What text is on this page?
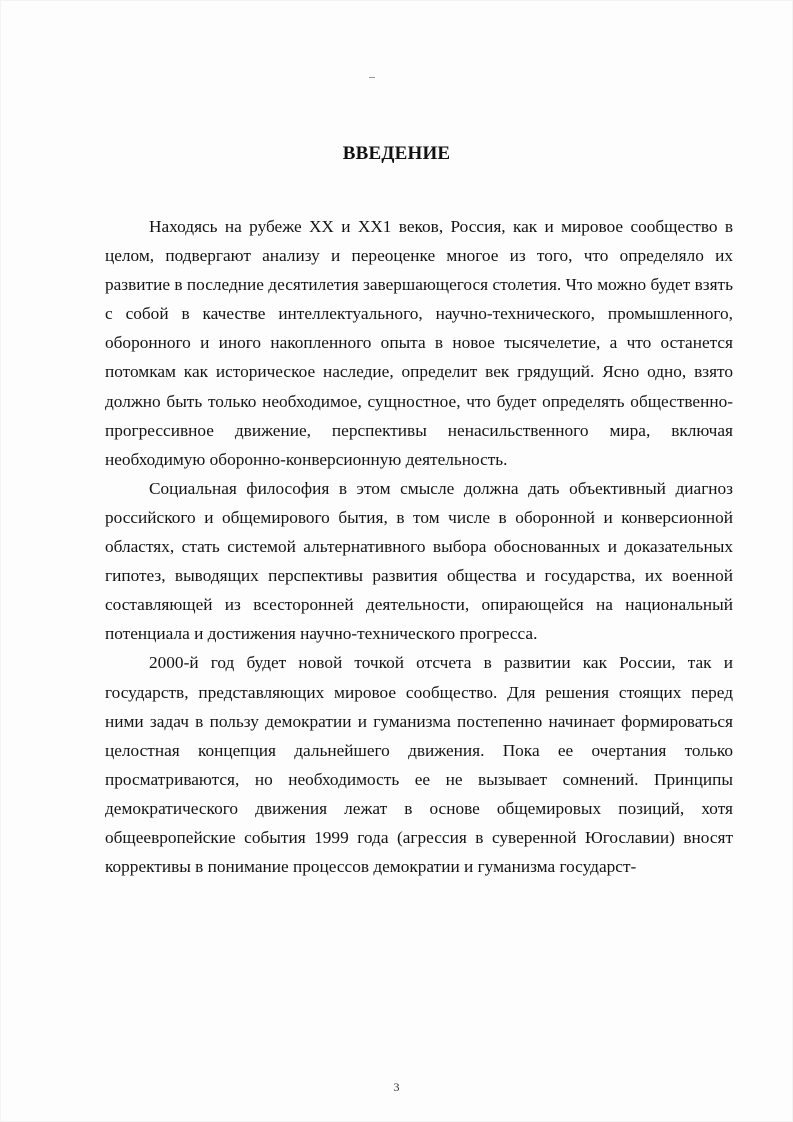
ВВЕДЕНИЕ

Находясь на рубеже XX и XX1 веков, Россия, как и мировое сообщество в целом, подвергают анализу и переоценке многое из того, что определяло их развитие в последние десятилетия завершающегося столетия. Что можно будет взять с собой в качестве интеллектуального, научно-технического, промышленного, оборонного и иного накопленного опыта в новое тысячелетие, а что останется потомкам как историческое наследие, определит век грядущий. Ясно одно, взято должно быть только необходимое, сущностное, что будет определять общественно-прогрессивное движение, перспективы ненасильственного мира, включая необходимую оборонно-конверсионную деятельность.

Социальная философия в этом смысле должна дать объективный диагноз российского и общемирового бытия, в том числе в оборонной и конверсионной областях, стать системой альтернативного выбора обоснованных и доказательных гипотез, выводящих перспективы развития общества и государства, их военной составляющей из всесторонней деятельности, опирающейся на национальный потенциала и достижения научно-технического прогресса.

2000-й год будет новой точкой отсчета в развитии как России, так и государств, представляющих мировое сообщество. Для решения стоящих перед ними задач в пользу демократии и гуманизма постепенно начинает формироваться целостная концепция дальнейшего движения. Пока ее очертания только просматриваются, но необходимость ее не вызывает сомнений. Принципы демократического движения лежат в основе общемировых позиций, хотя общеевропейские события 1999 года (агрессия в суверенной Югославии) вносят коррективы в понимание процессов демократии и гуманизма государст-

3
